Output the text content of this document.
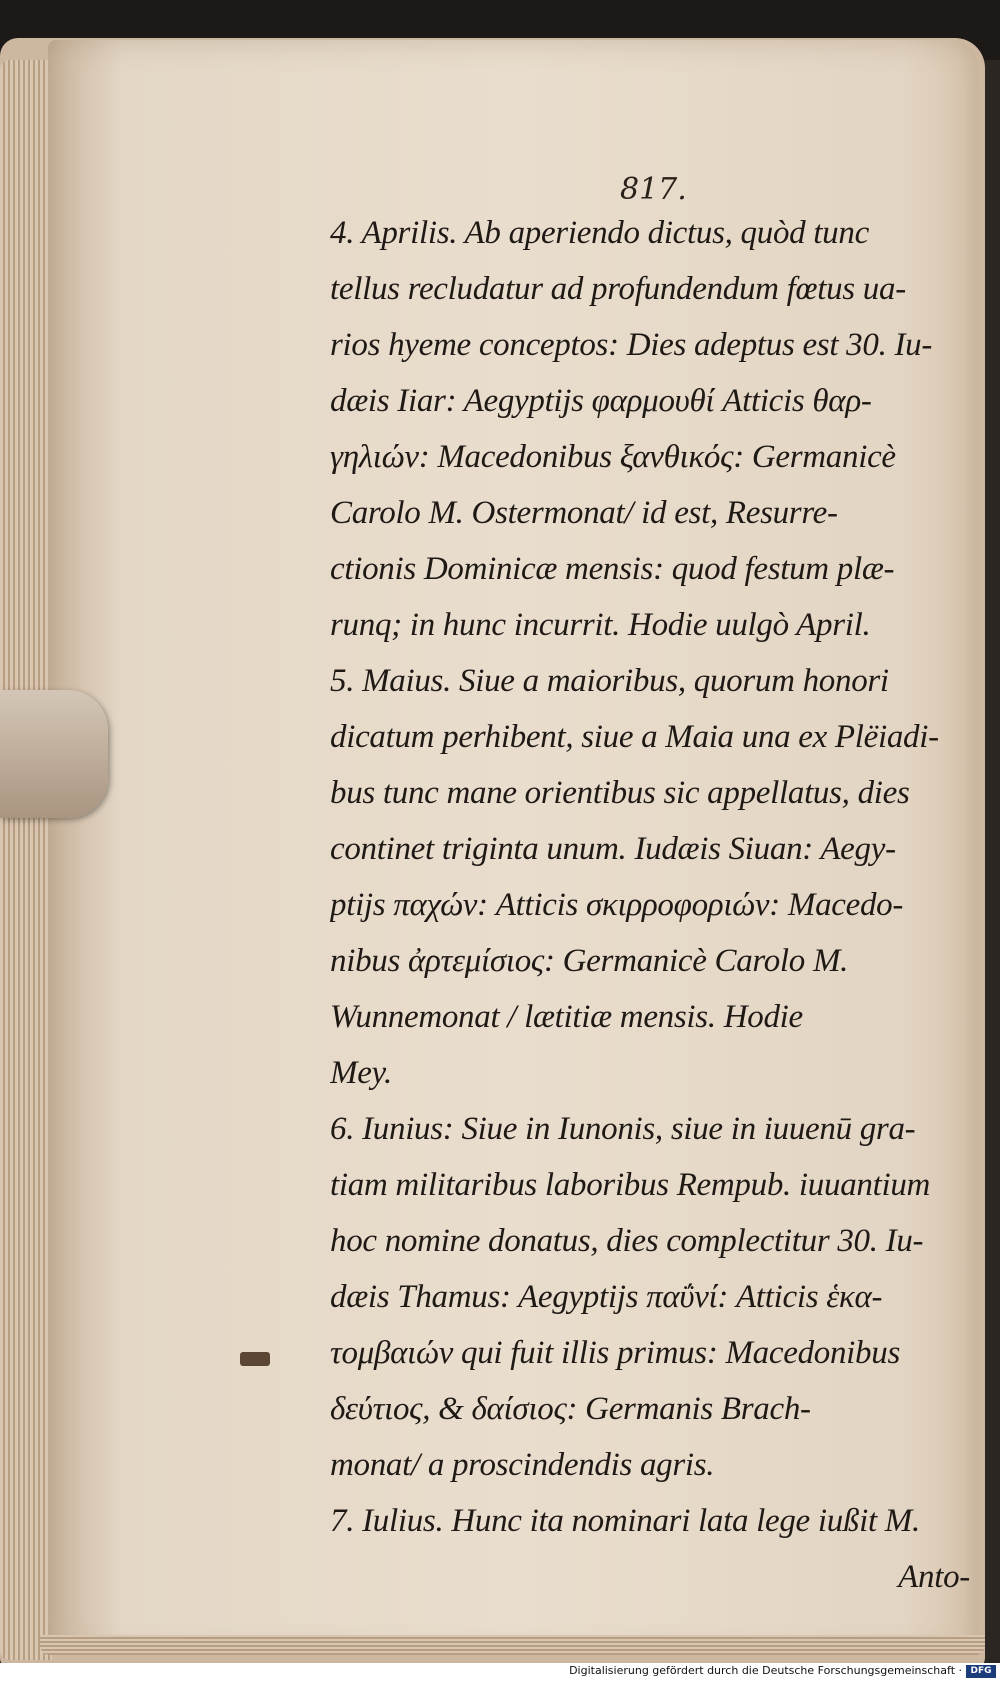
817.
4. Aprilis. Ab aperiendo dictus, quòd tunc
tellus recludatur ad profundendum fœtus ua-
rios hyeme conceptos: Dies adeptus est 30. Iu-
dæis Iiar: Aegyptijs φαρμουθί Atticis θαρ-
γηλιών: Macedonibus ξανθικός: Germanicè
Carolo M. Ostermonat/ id est, Resurre-
ctionis Dominicæ mensis: quod festum plæ-
runq; in hunc incurrit. Hodie uulgò April.
5. Maius. Siue a maioribus, quorum honori
dicatum perhibent, siue a Maia una ex Plëiadi-
bus tunc mane orientibus sic appellatus, dies
continet triginta unum. Iudæis Siuan: Aegy-
ptijs παχών: Atticis σκιρροφοριών: Macedo-
nibus ἀρτεμίσιος: Germanicè Carolo M.
Wunnemonat / lætitiæ mensis. Hodie
Mey.
6. Iunius: Siue in Iunonis, siue in iuuenū gra-
tiam militaribus laboribus Rempub. iuuantium
hoc nomine donatus, dies complectitur 30. Iu-
dæis Thamus: Aegyptijs παΰνί: Atticis ἑκα-
τομβαιών qui fuit illis primus: Macedonibus
δεύτιος, & δαίσιος: Germanis Brach-
monat/ a proscindendis agris.
7. Iulius. Hunc ita nominari lata lege iußit M.
Anto-
Digitalisierung gefördert durch die Deutsche Forschungsgemeinschaft · DFG
